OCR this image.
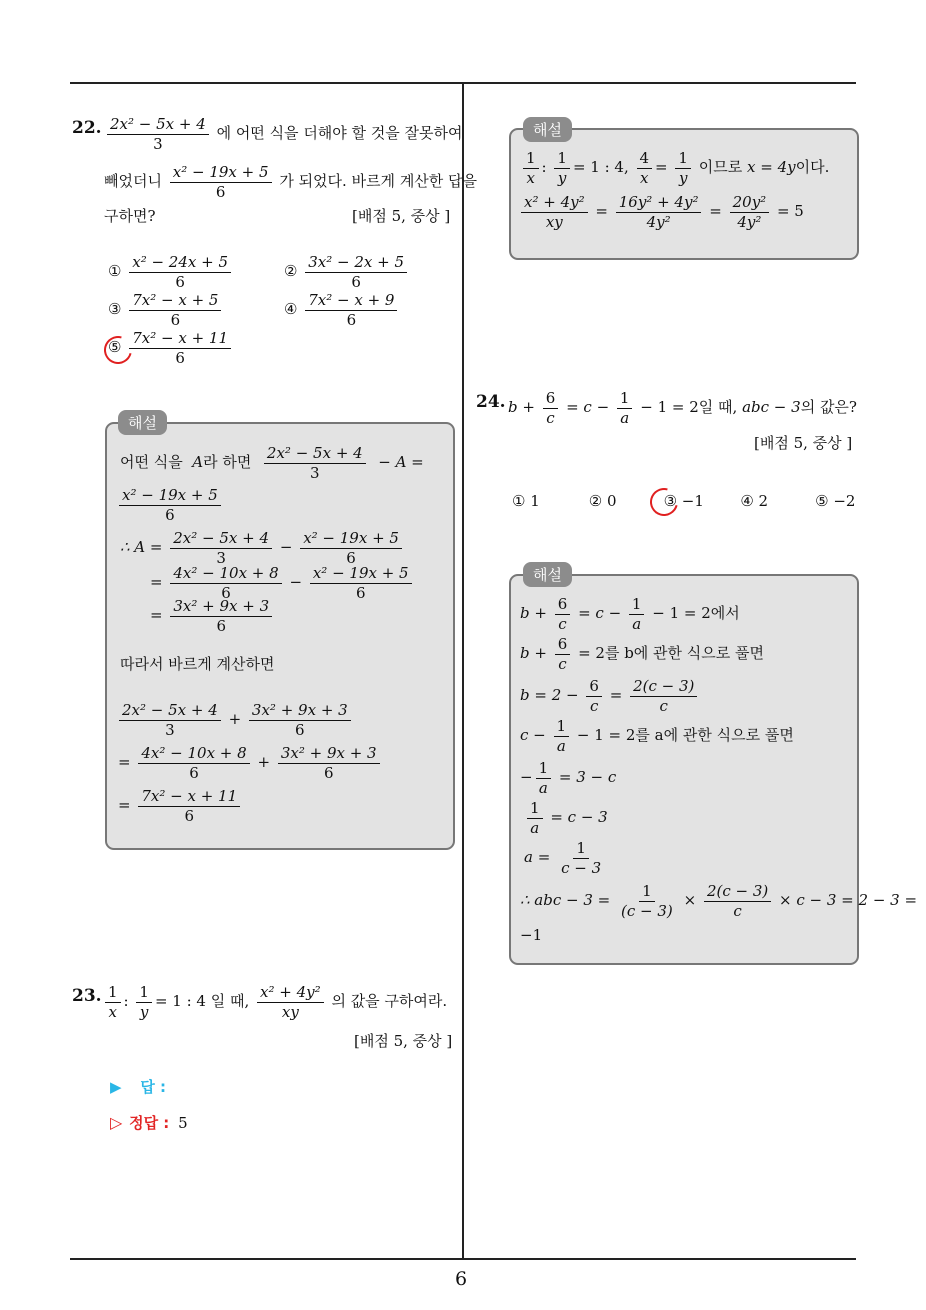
6
22. $\frac{\text{2x² − 5x + 4}}{3}$ 에 어떤 식을 더해야 할 것을 잘못하여
빼었더니 $\frac{\text{x² − 19x + 5}}{6}$ 가 되었다. 바르게 계산한 답을
구하면?	[배점 5, 중상 ]
① $\frac{\text{x² − 24x + 5}}{6}$	② $\frac{\text{3x² − 2x + 5}}{6}$
③ $\frac{\text{7x² − x + 5}}{6}$	④ $\frac{\text{7x² − x + 9}}{6}$
⑤ $\frac{\text{7x² − x + 11}}{6}$
해설
어떤 식을 A라 하면 $\frac{\text{2x² − 5x + 4}}{3} - A$ =
$\frac{\text{x² − 19x + 5}}{6}$
∴ $A = \frac{\text{2x² − 5x + 4}}{3} - \frac{\text{x² − 19x + 5}}{6}$
= $\frac{\text{4x² − 10x + 8}}{6} - \frac{\text{x² − 19x + 5}}{6}$
= $\frac{\text{3x² + 9x + 3}}{6}$
따라서 바르게 계산하면
$\frac{\text{2x² − 5x + 4}}{3} + \frac{\text{3x² + 9x + 3}}{6}$
= $\frac{\text{4x² − 10x + 8}}{6} + \frac{\text{3x² + 9x + 3}}{6}$
= $\frac{\text{7x² − x + 11}}{6}$
23. $\frac{1}{x}$ : $\frac{1}{y} = 1$ : 4 일 때, $\frac{\text{x² + 4y²}}{xy}$ 의 값을 구하여라.
[배점 5, 중상 ]
▶ 답 :
▷ 정답 : 5
해설
$\frac{1}{x}$ : $\frac{1}{y} = 1$ : 4, $\frac{4}{x} = \frac{1}{y}$ 이므로 x = 4y이다.
$\frac{\text{x² + 4y²}}{xy} = \frac{\text{16y² + 4y²}}{\text{4y²}} = \frac{\text{20y²}}{\text{4y²}} = 5$
24. $b + \frac{6}{c} = c - \frac{1}{a} - 1 = 2$일 때, abc − 3의 값은?
[배점 5, 중상 ]
① 1	② 0	③ −1 ④ 2	⑤ −2
해설
$b + \frac{6}{c} = c - \frac{1}{a} - 1 = 2$에서
$b + \frac{6}{c} = 2$를 b에 관한 식으로 풀면
$b = 2 - \frac{6}{c} = \frac{2(c - 3)}{c}$
$c - \frac{1}{a} - 1 = 2$를 a에 관한 식으로 풀면
− $\frac{1}{a} = 3 - c$
$\frac{1}{a} = c - 3$
$a = \frac{1}{c - 3}$
∴ abc − $3 = \frac{1}{(c - 3)} \times \frac{2(c - 3)}{c} \times c - 3 = 2 - 3$ =
−1
